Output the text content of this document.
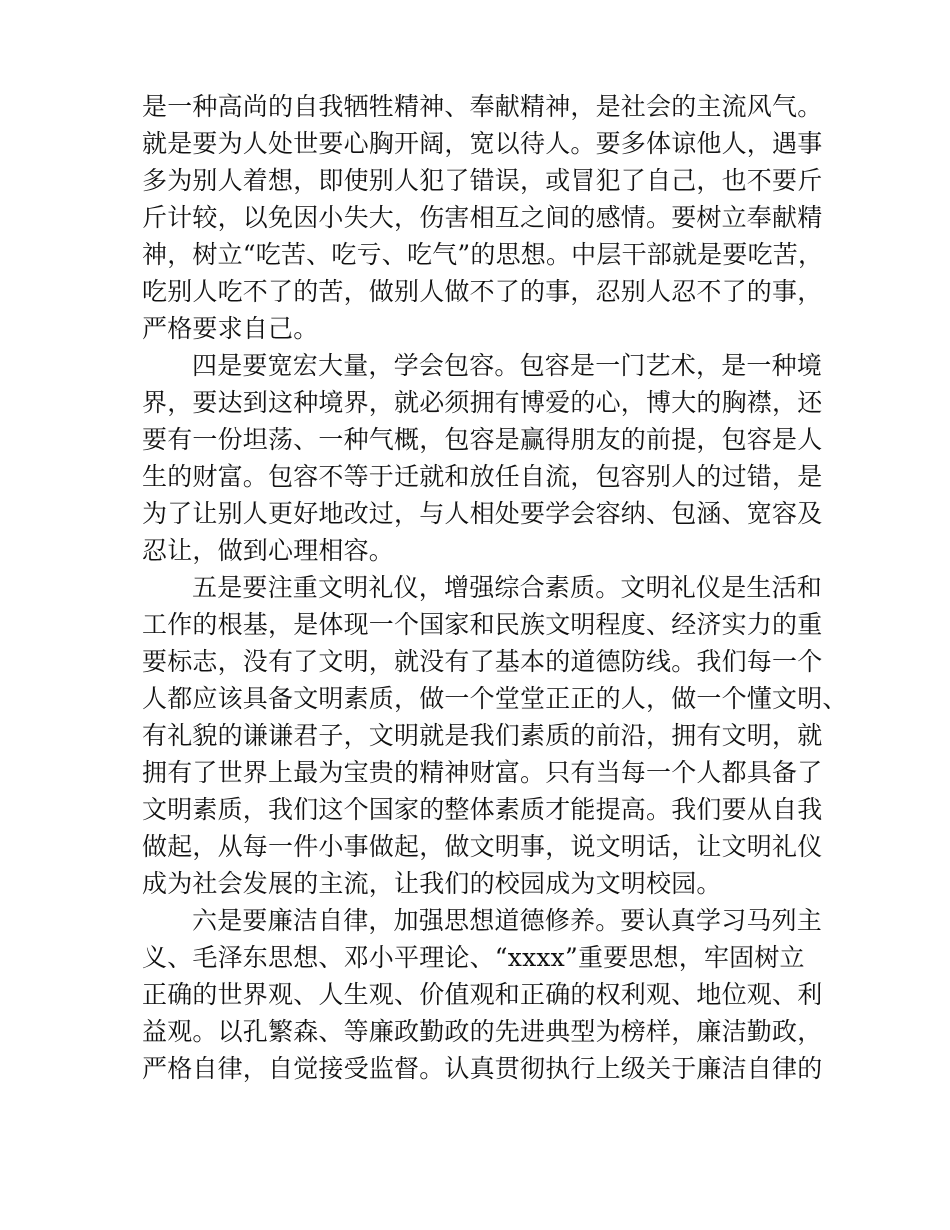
是一种高尚的自我牺牲精神、奉献精神，是社会的主流风气。
就是要为人处世要心胸开阔，宽以待人。要多体谅他人，遇事
多为别人着想，即使别人犯了错误，或冒犯了自己，也不要斤
斤计较，以免因小失大，伤害相互之间的感情。要树立奉献精
神，树立“吃苦、吃亏、吃气”的思想。中层干部就是要吃苦，
吃别人吃不了的苦，做别人做不了的事，忍别人忍不了的事，
严格要求自己。
四是要宽宏大量，学会包容。包容是一门艺术，是一种境
界，要达到这种境界，就必须拥有博爱的心，博大的胸襟，还
要有一份坦荡、一种气概，包容是赢得朋友的前提，包容是人
生的财富。包容不等于迁就和放任自流，包容别人的过错，是
为了让别人更好地改过，与人相处要学会容纳、包涵、宽容及
忍让，做到心理相容。
五是要注重文明礼仪，增强综合素质。文明礼仪是生活和
工作的根基，是体现一个国家和民族文明程度、经济实力的重
要标志，没有了文明，就没有了基本的道德防线。我们每一个
人都应该具备文明素质，做一个堂堂正正的人，做一个懂文明、
有礼貌的谦谦君子，文明就是我们素质的前沿，拥有文明，就
拥有了世界上最为宝贵的精神财富。只有当每一个人都具备了
文明素质，我们这个国家的整体素质才能提高。我们要从自我
做起，从每一件小事做起，做文明事，说文明话，让文明礼仪
成为社会发展的主流，让我们的校园成为文明校园。
六是要廉洁自律，加强思想道德修养。要认真学习马列主
义、毛泽东思想、邓小平理论、“xxxx”重要思想，牢固树立
正确的世界观、人生观、价值观和正确的权利观、地位观、利
益观。以孔繁森、等廉政勤政的先进典型为榜样，廉洁勤政，
严格自律，自觉接受监督。认真贯彻执行上级关于廉洁自律的
